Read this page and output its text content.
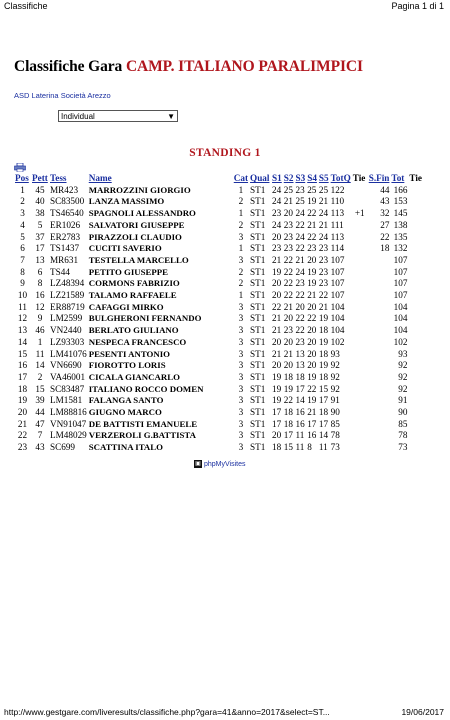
Classifiche	Pagina 1 di 1
Classifiche Gara CAMP. ITALIANO PARALIMPICI
ASD Laterina Società Arezzo
Individual	▼
STANDING 1
Pos	Pett	Tess	Name	Cat	Qual	S1	S2	S3	S4	S5	TotQ	Tie	S.Fin	Tot	Tie
1	45	MR423	MARROZZINI GIORGIO	1	ST1	24	25	23	25	25	122		44	166	
2	40	SC83500	LANZA MASSIMO	2	ST1	24	21	25	19	21	110		43	153	
3	38	TS46540	SPAGNOLI ALESSANDRO	1	ST1	23	20	24	22	24	113	+1	32	145	
4	5	ER1026	SALVATORI GIUSEPPE	2	ST1	24	23	22	21	21	111		27	138	
5	37	ER2783	PIRAZZOLI CLAUDIO	3	ST1	20	23	24	22	24	113		22	135	
6	17	TS1437	CUCITI SAVERIO	1	ST1	23	23	22	23	23	114		18	132	
7	13	MR631	TESTELLA MARCELLO	3	ST1	21	22	21	20	23	107			107	
8	6	TS44	PETITO GIUSEPPE	2	ST1	19	22	24	19	23	107			107	
9	8	LZ48394	CORMONS FABRIZIO	2	ST1	20	22	23	19	23	107			107	
10	16	LZ21589	TALAMO RAFFAELE	1	ST1	20	22	22	21	22	107			107	
11	12	ER88719	CAFAGGI MIRKO	3	ST1	22	21	20	20	21	104			104	
12	9	LM2599	BULGHERONI FERNANDO	3	ST1	21	20	22	22	19	104			104	
13	46	VN2440	BERLATO GIULIANO	3	ST1	21	23	22	20	18	104			104	
14	1	LZ93303	NESPECA FRANCESCO	3	ST1	20	20	23	20	19	102			102	
15	11	LM41076	PESENTI ANTONIO	3	ST1	21	21	13	20	18	93			93	
16	14	VN6690	FIOROTTO LORIS	3	ST1	20	20	13	20	19	92			92	
17	2	VA46001	CICALA GIANCARLO	3	ST1	19	18	18	19	18	92			92	
18	15	SC83487	ITALIANO ROCCO DOMEN	3	ST1	19	19	17	22	15	92			92	
19	39	LM1581	FALANGA SANTO	3	ST1	19	22	14	19	17	91			91	
20	44	LM88816	GIUGNO MARCO	3	ST1	17	18	16	21	18	90			90	
21	47	VN91047	DE BATTISTI EMANUELE	3	ST1	17	18	16	17	17	85			85	
22	7	LM48029	VERZEROLI G.BATTISTA	3	ST1	20	17	11	16	14	78			78	
23	43	SC699	SCATTINA ITALO	3	ST1	18	15	11	8	11	73			73	
▣ phpMyVisites
http://www.gestgare.com/liveresults/classifiche.php?gara=41&anno=2017&select=ST...	19/06/2017
